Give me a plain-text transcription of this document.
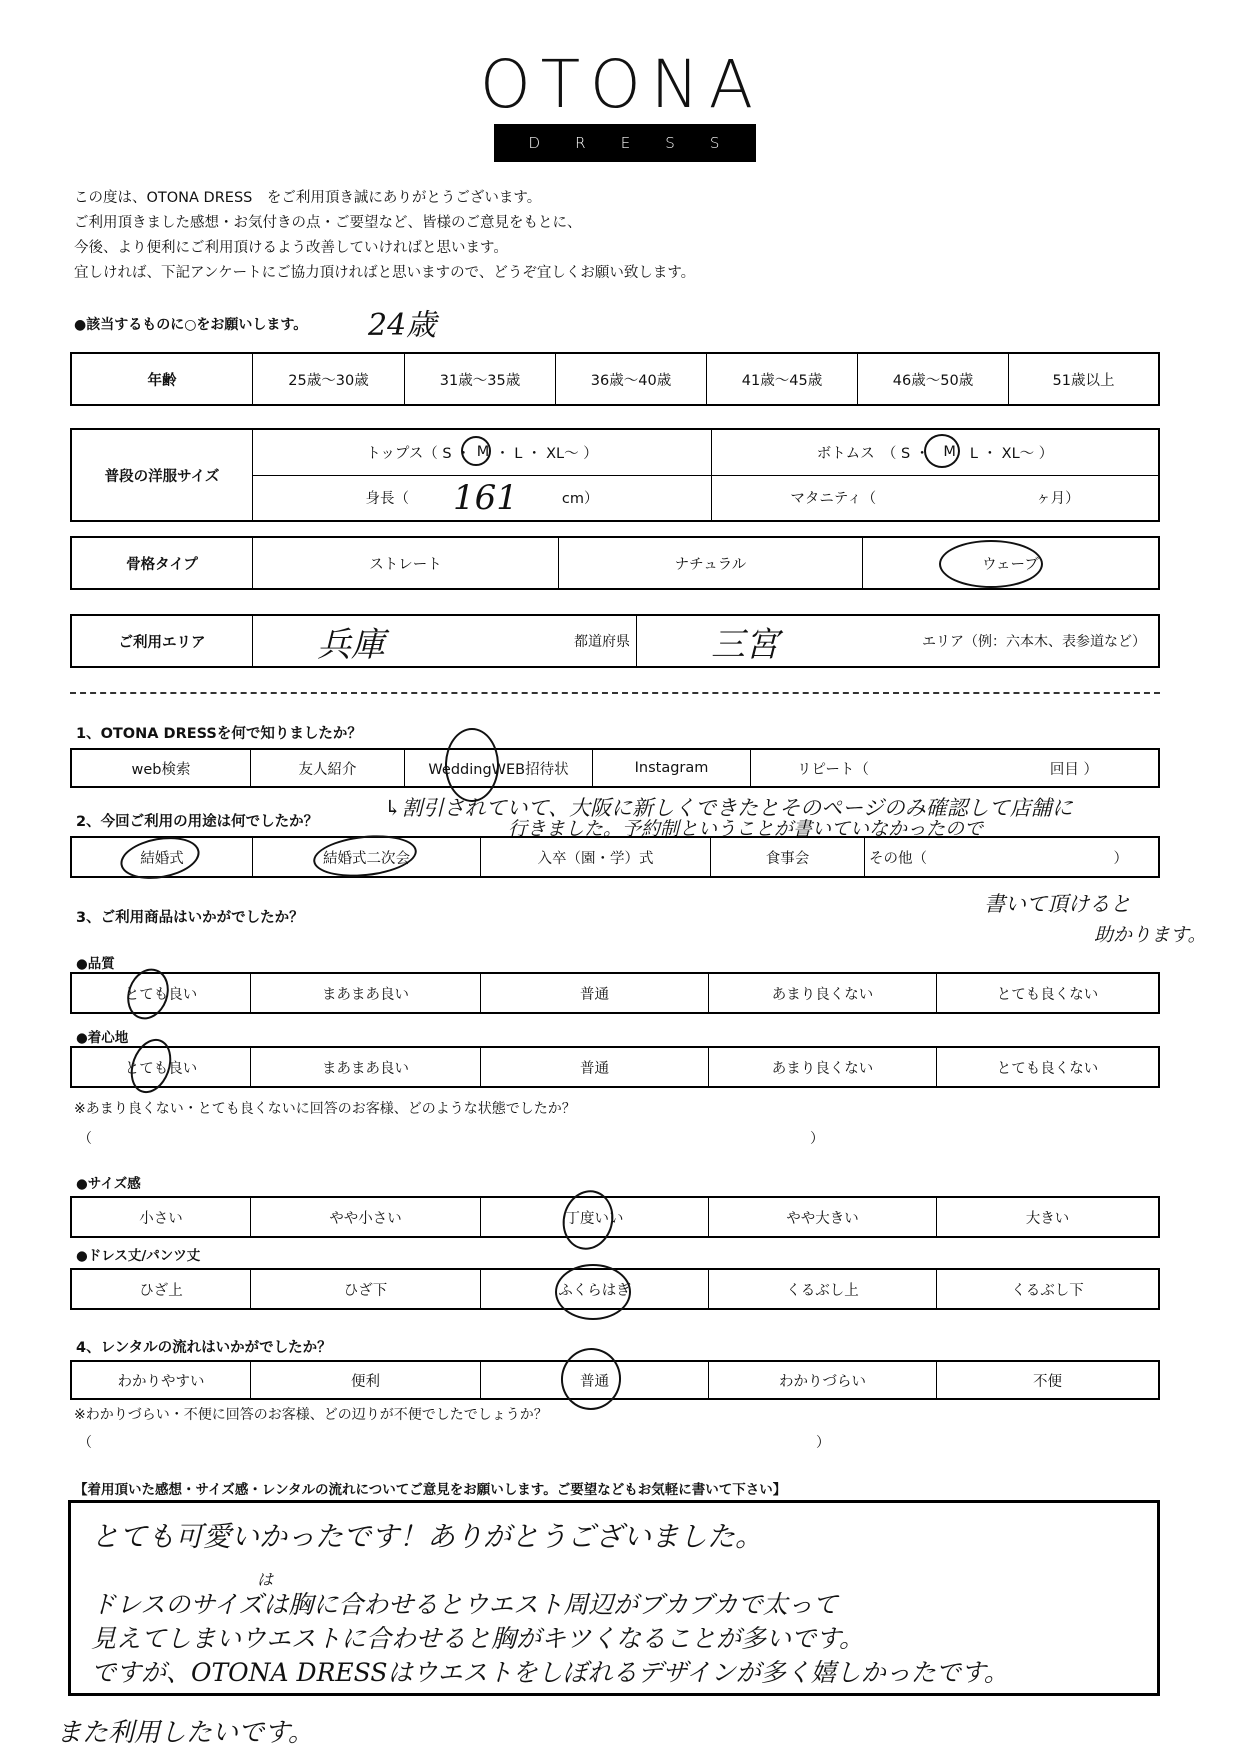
OTONA
D R E S S
この度は、OTONA DRESS　をご利用頂き誠にありがとうございます。
ご利用頂きました感想・お気付きの点・ご要望など、皆様のご意見をもとに、
今後、より便利にご利用頂けるよう改善していければと思います。
宜しければ、下記アンケートにご協力頂ければと思いますので、どうぞ宜しくお願い致します。
●該当するものに○をお願いします。 24歳
年齢	25歳〜30歳	31歳〜35歳	36歳〜40歳	41歳〜45歳	46歳〜50歳	51歳以上
普段の洋服サイズ
トップス（ S ・ M ・ L ・ XL〜 ）	ボトムス　（ S ・ M L ・ XL〜 ）
身長（ 161	cm）	マタニティ（	ヶ月）
骨格タイプ	ストレート	ナチュラル	ウェーブ
ご利用エリア	兵庫	都道府県 三宮	エリア（例：六本木、表参道など）
1、OTONA DRESSを何で知りましたか？
web検索	友人紹介	WeddingWEB招待状	Instagram	リピート（	回目 ）
↳割引されていて、大阪に新しくできたとそのページのみ確認して店舗に
行きました。予約制ということが書いていなかったので
書いて頂けると
助かります。
2、今回ご利用の用途は何でしたか？
結婚式	結婚式二次会	入卒（園・学）式	食事会	その他（	）
3、ご利用商品はいかがでしたか？
●品質
とても良い	まあまあ良い	普通	あまり良くない	とても良くない
●着心地
とても良い	まあまあ良い	普通	あまり良くない	とても良くない
※あまり良くない・とても良くないに回答のお客様、どのような状態でしたか？
（	）
●サイズ感
小さい	やや小さい	丁度いい	やや大きい	大きい
●ドレス丈/パンツ丈
ひざ上	ひざ下	ふくらはぎ	くるぶし上	くるぶし下
4、レンタルの流れはいかがでしたか？
わかりやすい	便利	普通	わかりづらい	不便
※わかりづらい・不便に回答のお客様、どの辺りが不便でしたでしょうか？
（	）
【着用頂いた感想・サイズ感・レンタルの流れについてご意見をお願いします。ご要望などもお気軽に書いて下さい】
とても可愛いかったです！ありがとうございました。
は
ドレスのサイズは胸に合わせるとウエスト周辺がブカブカで太って
見えてしまいウエストに合わせると胸がキツくなることが多いです。
ですが、OTONA DRESSはウエストをしぼれるデザインが多く嬉しかったです。
また利用したいです。
